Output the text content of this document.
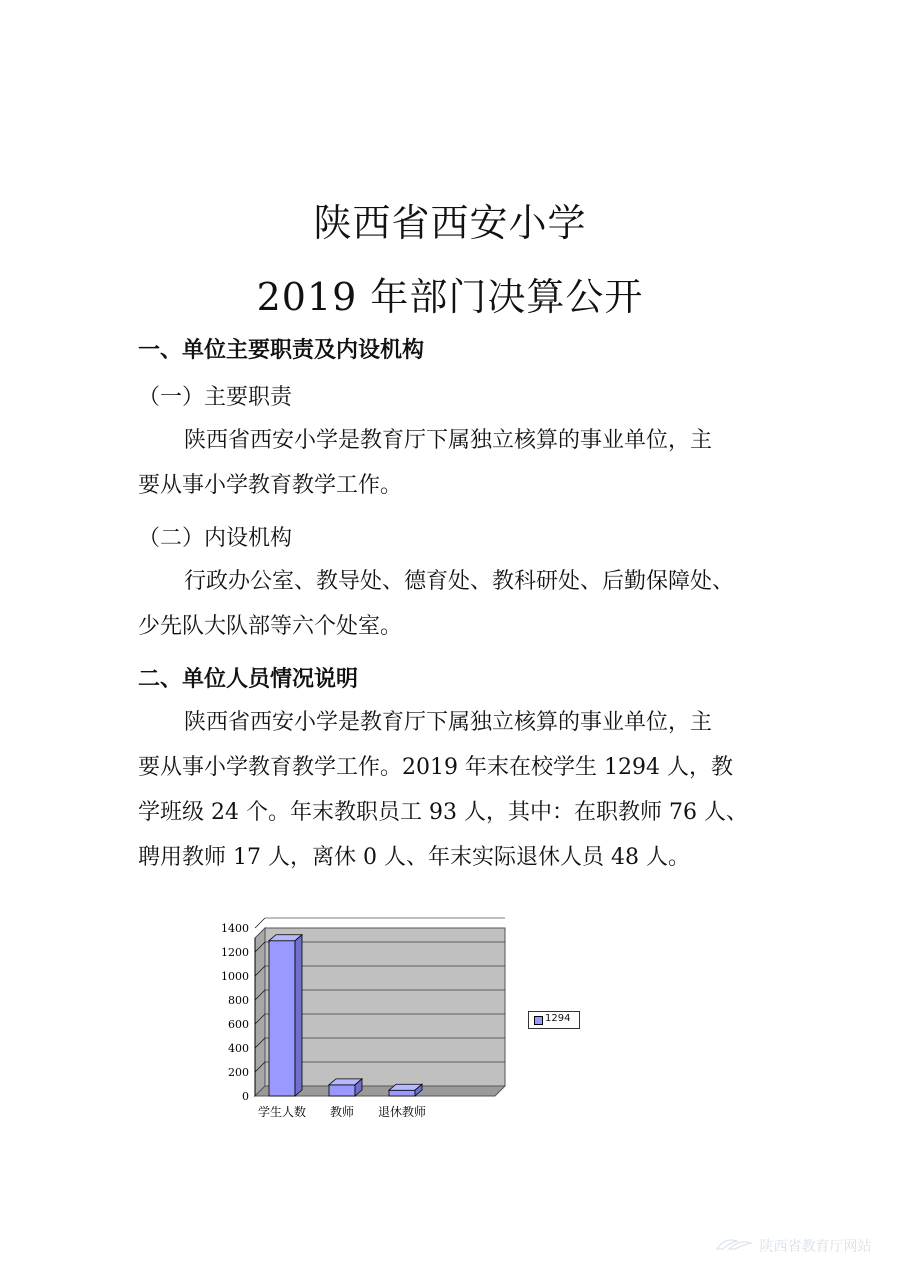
陕西省西安小学
2019 年部门决算公开
一、单位主要职责及内设机构
（一）主要职责
陕西省西安小学是教育厅下属独立核算的事业单位，主
要从事小学教育教学工作。
（二）内设机构
行政办公室、教导处、德育处、教科研处、后勤保障处、
少先队大队部等六个处室。
二、单位人员情况说明
陕西省西安小学是教育厅下属独立核算的事业单位，主
要从事小学教育教学工作。2019 年末在校学生 1294 人，教
学班级 24 个。年末教职员工 93 人，其中：在职教师 76 人、
聘用教师 17 人，离休 0 人、年末实际退休人员 48 人。
1400
1200
1000
800
600
400
200
0
学生人数 教师 退休教师
1294
陕西省教育厅网站
